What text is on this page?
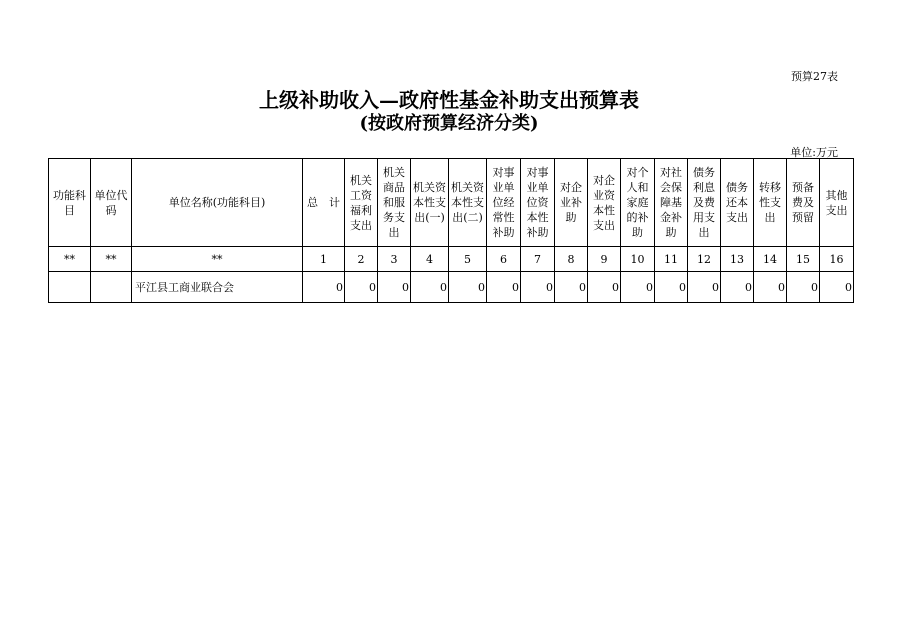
预算27表
上级补助收入—政府性基金补助支出预算表
(按政府预算经济分类)
单位:万元
功能科目	单位代码	单位名称(功能科目)	总　计	机关工资福利支出	机关商品和服务支出	机关资本性支出(一)	机关资本性支出(二)	对事业单位经常性补助	对事业单位资本性补助	对企业补助	对企业资本性支出	对个人和家庭的补助	对社会保障基金补助	债务利息及费用支出	债务还本支出	转移性支出	预备费及预留	其他支出
**	**	**	1	2	3	4	5	6	7	8	9	10	11	12	13	14	15	16
		平江县工商业联合会	0	0	0	0	0	0	0	0	0	0	0	0	0	0	0	0
